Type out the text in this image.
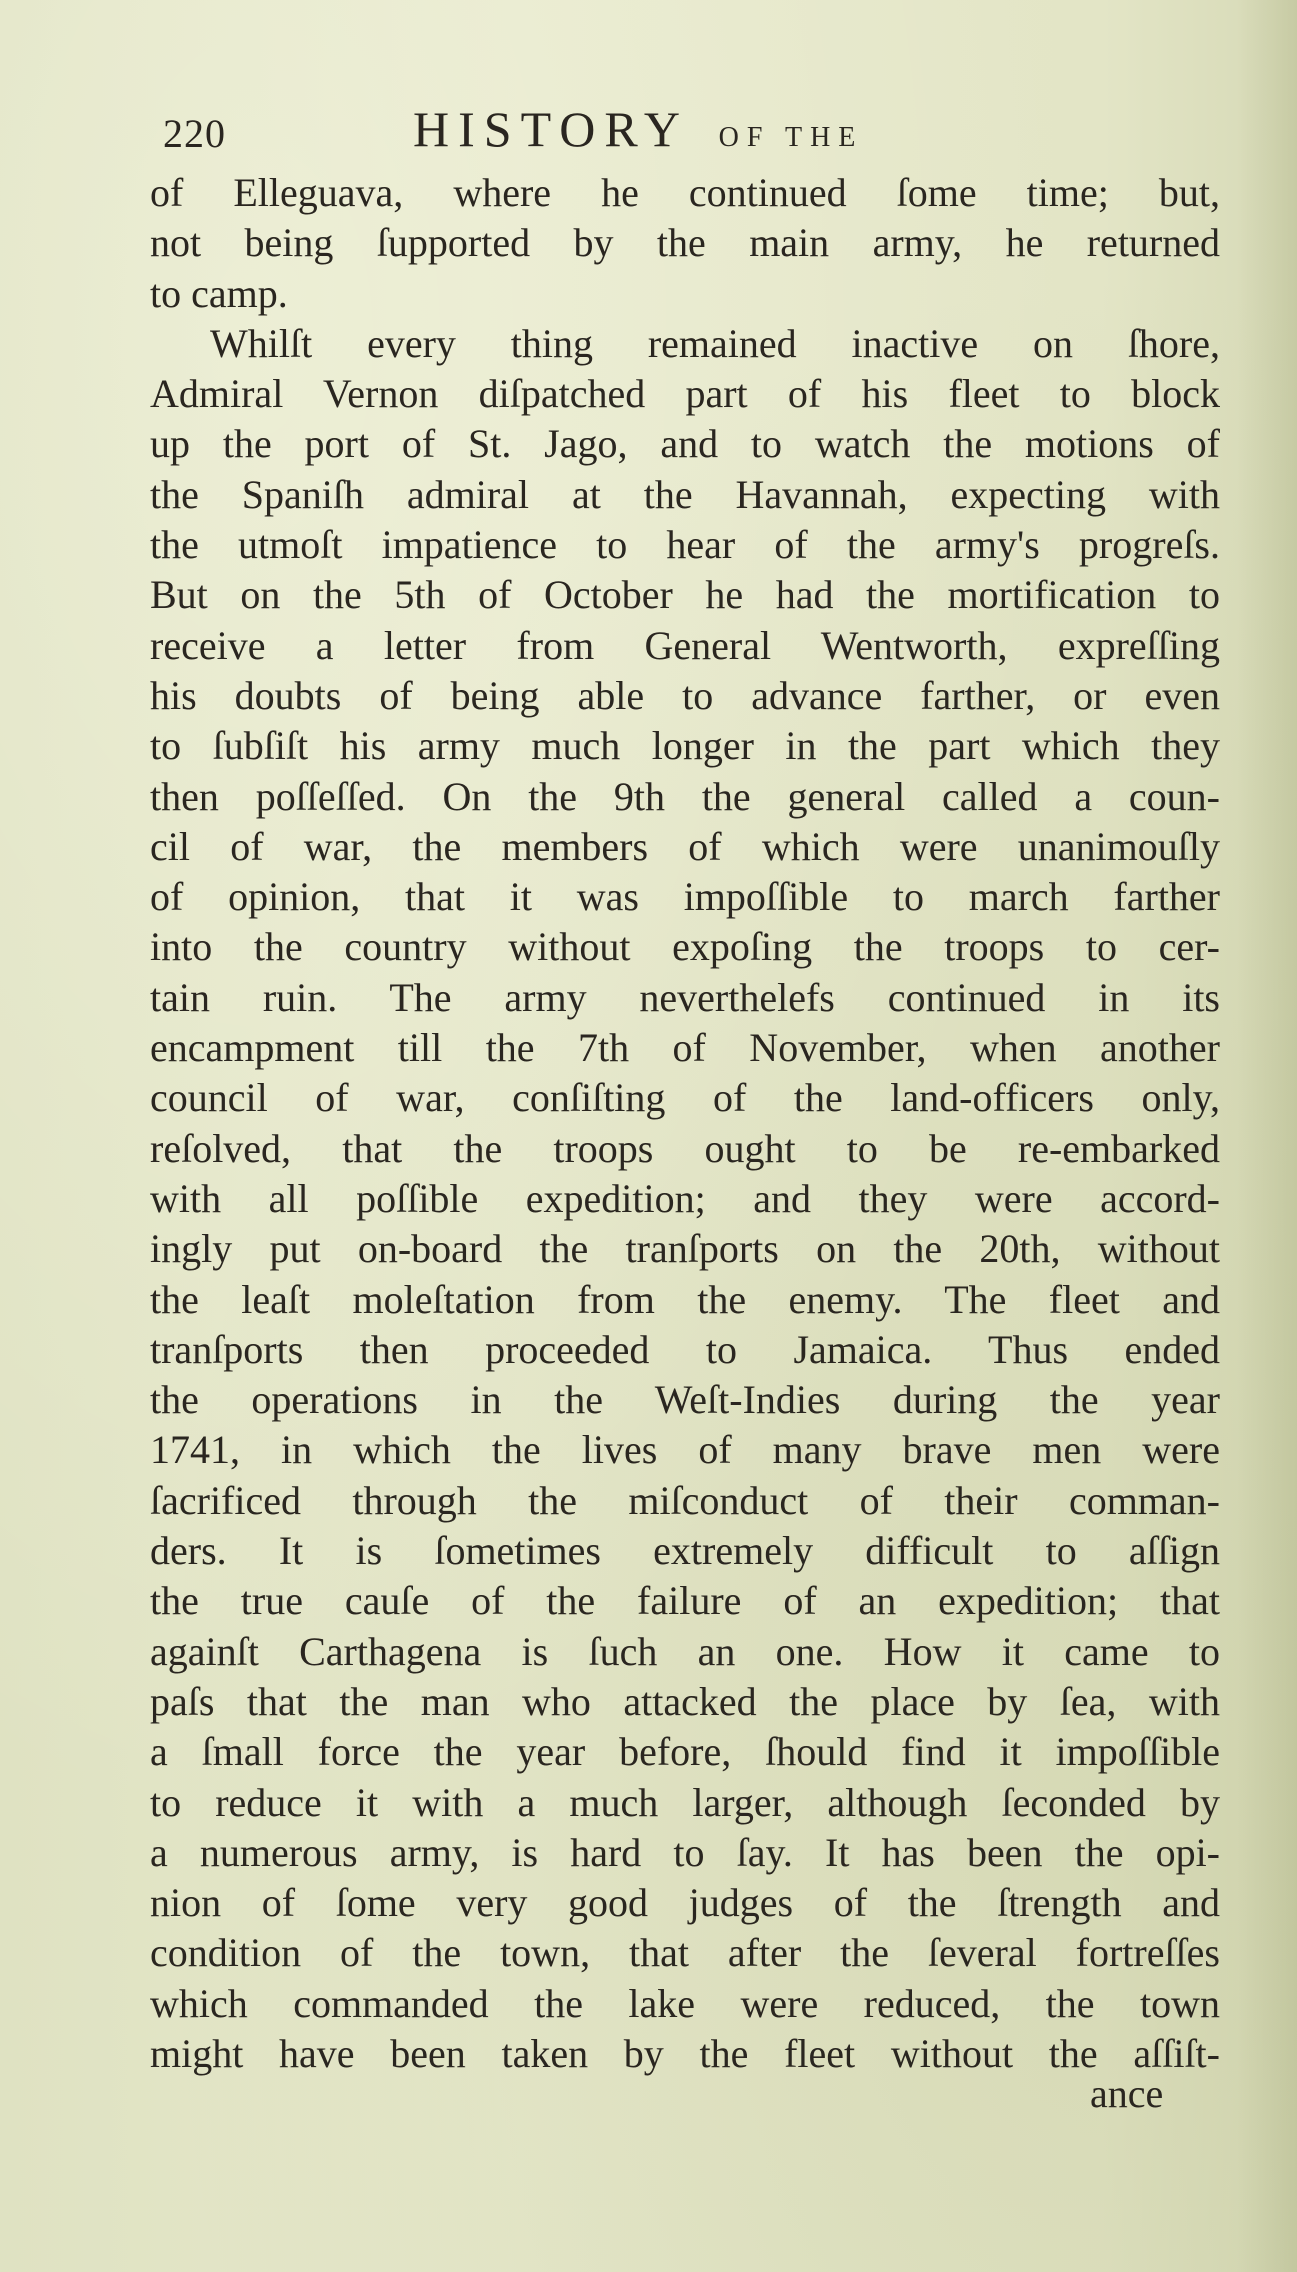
220	HISTORY OF THE
of Elleguava, where he continued ſome time; but,
not being ſupported by the main army, he returned
to camp.
Whilſt every thing remained inactive on ſhore,
Admiral Vernon diſpatched part of his fleet to block
up the port of St. Jago, and to watch the motions of
the Spaniſh admiral at the Havannah, expecting with
the utmoſt impatience to hear of the army's progreſs.
But on the 5th of October he had the mortification to
receive a letter from General Wentworth, expreſſing
his doubts of being able to advance farther, or even
to ſubſiſt his army much longer in the part which they
then poſſeſſed. On the 9th the general called a coun-
cil of war, the members of which were unanimouſly
of opinion, that it was impoſſible to march farther
into the country without expoſing the troops to cer-
tain ruin. The army neverthelefs continued in its
encampment till the 7th of November, when another
council of war, conſiſting of the land-officers only,
reſolved, that the troops ought to be re-embarked
with all poſſible expedition; and they were accord-
ingly put on-board the tranſports on the 20th, without
the leaſt moleſtation from the enemy. The fleet and
tranſports then proceeded to Jamaica. Thus ended
the operations in the Weſt-Indies during the year
1741, in which the lives of many brave men were
ſacrificed through the miſconduct of their comman-
ders. It is ſometimes extremely difficult to aſſign
the true cauſe of the failure of an expedition; that
againſt Carthagena is ſuch an one. How it came to
paſs that the man who attacked the place by ſea, with
a ſmall force the year before, ſhould find it impoſſible
to reduce it with a much larger, although ſeconded by
a numerous army, is hard to ſay. It has been the opi-
nion of ſome very good judges of the ſtrength and
condition of the town, that after the ſeveral fortreſſes
which commanded the lake were reduced, the town
might have been taken by the fleet without the aſſiſt-
ance
